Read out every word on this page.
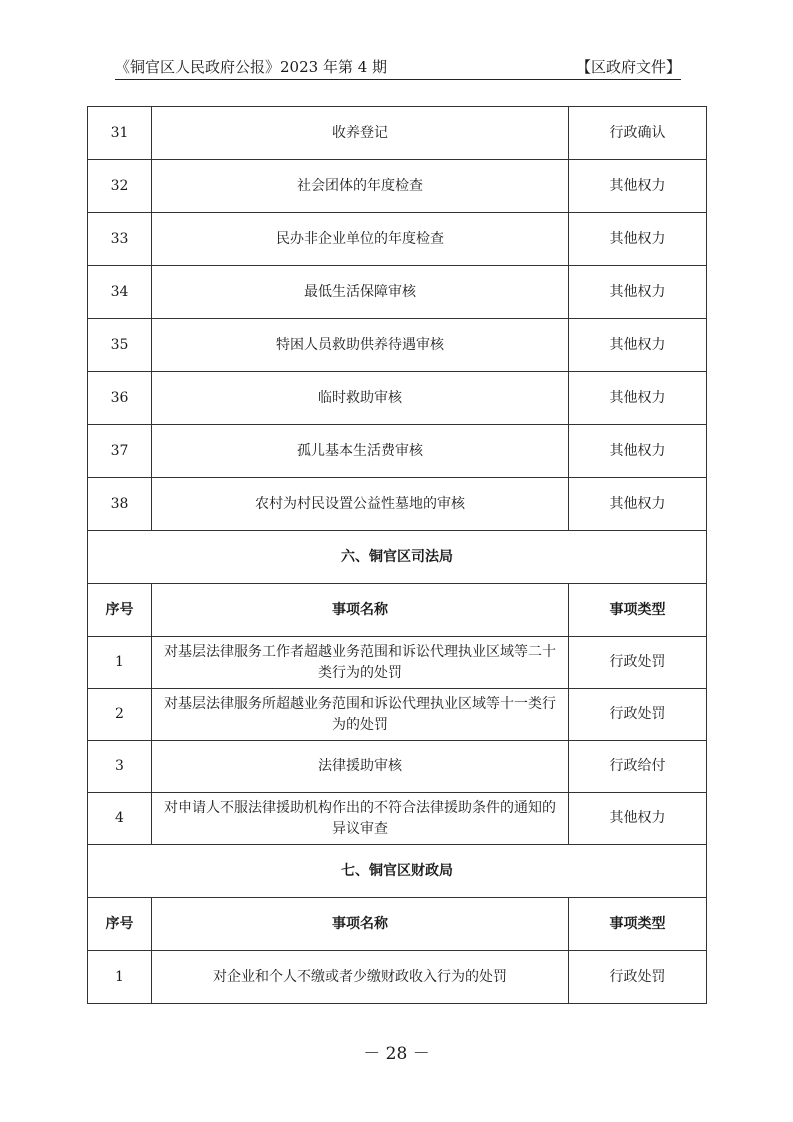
《铜官区人民政府公报》2023 年第 4 期	【区政府文件】
31	收养登记	行政确认
32	社会团体的年度检查	其他权力
33	民办非企业单位的年度检查	其他权力
34	最低生活保障审核	其他权力
35	特困人员救助供养待遇审核	其他权力
36	临时救助审核	其他权力
37	孤儿基本生活费审核	其他权力
38	农村为村民设置公益性墓地的审核	其他权力
六、铜官区司法局		
序号	事项名称	事项类型
1	对基层法律服务工作者超越业务范围和诉讼代理执业区域等二十类行为的处罚	行政处罚
2	对基层法律服务所超越业务范围和诉讼代理执业区域等十一类行为的处罚	行政处罚
3	法律援助审核	行政给付
4	对申请人不服法律援助机构作出的不符合法律援助条件的通知的异议审查	其他权力
七、铜官区财政局		
序号	事项名称	事项类型
1	对企业和个人不缴或者少缴财政收入行为的处罚	行政处罚
－ 28 －
